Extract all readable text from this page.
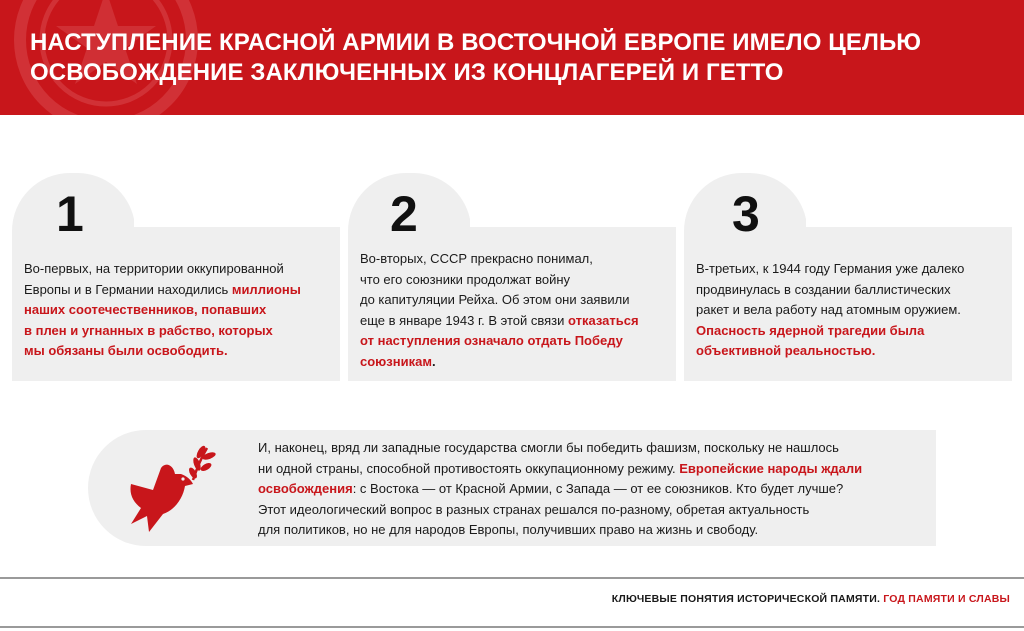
НАСТУПЛЕНИЕ КРАСНОЙ АРМИИ В ВОСТОЧНОЙ ЕВРОПЕ ИМЕЛО ЦЕЛЬЮ
ОСВОБОЖДЕНИЕ ЗАКЛЮЧЕННЫХ ИЗ КОНЦЛАГЕРЕЙ И ГЕТТО
1
Во-первых, на территории оккупированной
Европы и в Германии находились миллионы
наших соотечественников, попавших
в плен и угнанных в рабство, которых
мы обязаны были освободить.
2
Во-вторых, СССР прекрасно понимал,
что его союзники продолжат войну
до капитуляции Рейха. Об этом они заявили
еще в январе 1943 г. В этой связи отказаться
от наступления означало отдать Победу
союзникам.
3
В-третьих, к 1944 году Германия уже далеко
продвинулась в создании баллистических
ракет и вела работу над атомным оружием.
Опасность ядерной трагедии была
объективной реальностью.
И, наконец, вряд ли западные государства смогли бы победить фашизм, поскольку не нашлось
ни одной страны, способной противостоять оккупационному режиму. Европейские народы ждали
освобождения: с Востока — от Красной Армии, с Запада — от ее союзников. Кто будет лучше?
Этот идеологический вопрос в разных странах решался по-разному, обретая актуальность
для политиков, но не для народов Европы, получивших право на жизнь и свободу.
КЛЮЧЕВЫЕ ПОНЯТИЯ ИСТОРИЧЕСКОЙ ПАМЯТИ. ГОД ПАМЯТИ И СЛАВЫ
